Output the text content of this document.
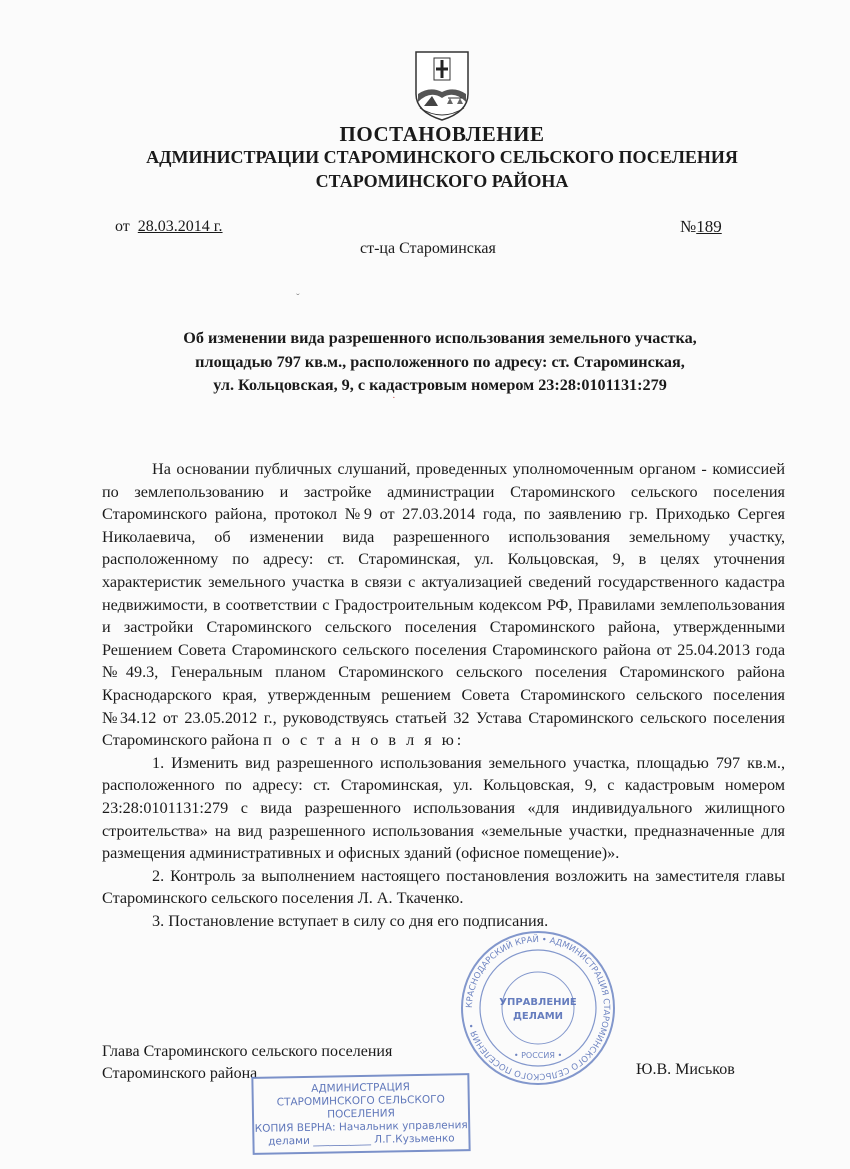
ПОСТАНОВЛЕНИЕ
АДМИНИСТРАЦИИ СТАРОМИНСКОГО СЕЛЬСКОГО ПОСЕЛЕНИЯ
СТАРОМИНСКОГО РАЙОНА
от 28.03.2014 г.	№189
ст-ца Староминская
ˇ
·
Об изменении вида разрешенного использования земельного участка,
площадью 797 кв.м., расположенного по адресу: ст. Староминская,
ул. Кольцовская, 9, с кадастровым номером 23:28:0101131:279

На основании публичных слушаний, проведенных уполномоченным органом - комиссией по землепользованию и застройке администрации Староминского сельского поселения Староминского района, протокол №9 от 27.03.2014 года, по заявлению гр. Приходько Сергея Николаевича, об изменении вида разрешенного использования земельному участку, расположенному по адресу: ст. Староминская, ул. Кольцовская, 9, в целях уточнения характеристик земельного участка в связи с актуализацией сведений государственного кадастра недвижимости, в соответствии с Градостроительным кодексом РФ, Правилами землепользования и застройки Староминского сельского поселения Староминского района, утвержденными Решением Совета Староминского сельского поселения Староминского района от 25.04.2013 года №49.3, Генеральным планом Староминского сельского поселения Староминского района Краснодарского края, утвержденным решением Совета Староминского сельского поселения №34.12 от 23.05.2012 г., руководствуясь статьей 32 Устава Староминского сельского поселения Староминского района п о с т а н о в л я ю:

1. Изменить вид разрешенного использования земельного участка, площадью 797 кв.м., расположенного по адресу: ст. Староминская, ул. Кольцовская, 9, с кадастровым номером 23:28:0101131:279 с вида разрешенного использования «для индивидуального жилищного строительства» на вид разрешенного использования «земельные участки, предназначенные для размещения административных и офисных зданий (офисное помещение)».

2. Контроль за выполнением настоящего постановления возложить на заместителя главы Староминского сельского поселения Л. А. Ткаченко.

3. Постановление вступает в силу со дня его подписания.

Глава Староминского сельского поселения
Староминского района	Ю.В. Миськов
КРАСНОДАРСКИЙ КРАЙ • АДМИНИСТРАЦИЯ СТАРОМИНСКОГО СЕЛЬСКОГО ПОСЕЛЕНИЯ •
УПРАВЛЕНИЕ
ДЕЛАМИ
• РОССИЯ •
АДМИНИСТРАЦИЯ
СТАРОМИНСКОГО СЕЛЬСКОГО
ПОСЕЛЕНИЯ
КОПИЯ ВЕРНА: Начальник управления
делами ___________ Л.Г.Кузьменко
